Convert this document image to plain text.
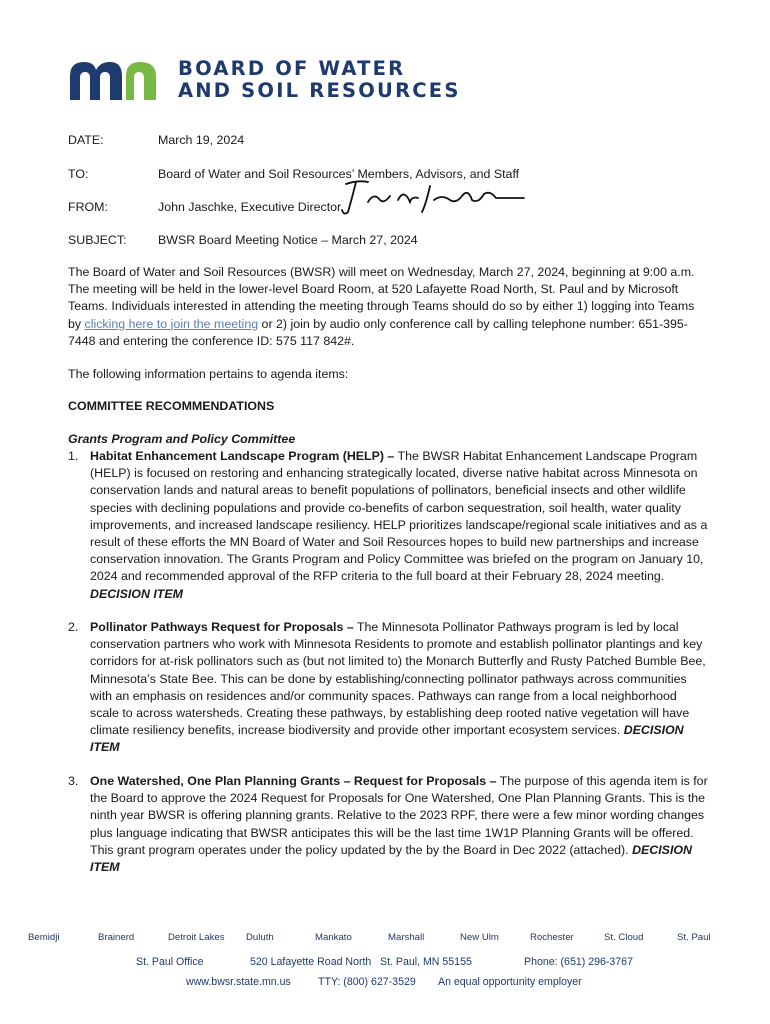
BOARD OF WATER
AND SOIL RESOURCES
DATE:	March 19, 2024
TO:	Board of Water and Soil Resources’ Members, Advisors, and Staff
FROM:	John Jaschke, Executive Director
SUBJECT:	BWSR Board Meeting Notice – March 27, 2024

The Board of Water and Soil Resources (BWSR) will meet on Wednesday, March 27, 2024, beginning at 9:00 a.m. The meeting will be held in the lower-level Board Room, at 520 Lafayette Road North, St. Paul and by Microsoft Teams. Individuals interested in attending the meeting through Teams should do so by either 1) logging into Teams by clicking here to join the meeting or 2) join by audio only conference call by calling telephone number: 651-395-7448 and entering the conference ID: 575 117 842#.

The following information pertains to agenda items:
COMMITTEE RECOMMENDATIONS
Grants Program and Policy Committee
1. Habitat Enhancement Landscape Program (HELP) – The BWSR Habitat Enhancement Landscape Program (HELP) is focused on restoring and enhancing strategically located, diverse native habitat across Minnesota on conservation lands and natural areas to benefit populations of pollinators, beneficial insects and other wildlife species with declining populations and provide co-benefits of carbon sequestration, soil health, water quality improvements, and increased landscape resiliency. HELP prioritizes landscape/regional scale initiatives and as a result of these efforts the MN Board of Water and Soil Resources hopes to build new partnerships and increase conservation innovation. The Grants Program and Policy Committee was briefed on the program on January 10, 2024 and recommended approval of the RFP criteria to the full board at their February 28, 2024 meeting. DECISION ITEM
2. Pollinator Pathways Request for Proposals – The Minnesota Pollinator Pathways program is led by local conservation partners who work with Minnesota Residents to promote and establish pollinator plantings and key corridors for at-risk pollinators such as (but not limited to) the Monarch Butterfly and Rusty Patched Bumble Bee, Minnesota’s State Bee. This can be done by establishing/connecting pollinator pathways across communities with an emphasis on residences and/or community spaces. Pathways can range from a local neighborhood scale to across watersheds. Creating these pathways, by establishing deep rooted native vegetation will have climate resiliency benefits, increase biodiversity and provide other important ecosystem services. DECISION ITEM
3. One Watershed, One Plan Planning Grants – Request for Proposals – The purpose of this agenda item is for the Board to approve the 2024 Request for Proposals for One Watershed, One Plan Planning Grants. This is the ninth year BWSR is offering planning grants. Relative to the 2023 RPF, there were a few minor wording changes plus language indicating that BWSR anticipates this will be the last time 1W1P Planning Grants will be offered. This grant program operates under the policy updated by the by the Board in Dec 2022 (attached). DECISION ITEM
Bemidji	Brainerd	Detroit Lakes Duluth	Mankato	Marshall	New Ulm	Rochester	St. Cloud	St. Paul
St. Paul Office	520 Lafayette Road North St. Paul, MN 55155	Phone: (651) 296-3767
www.bwsr.state.mn.us	TTY: (800) 627-3529 An equal opportunity employer
